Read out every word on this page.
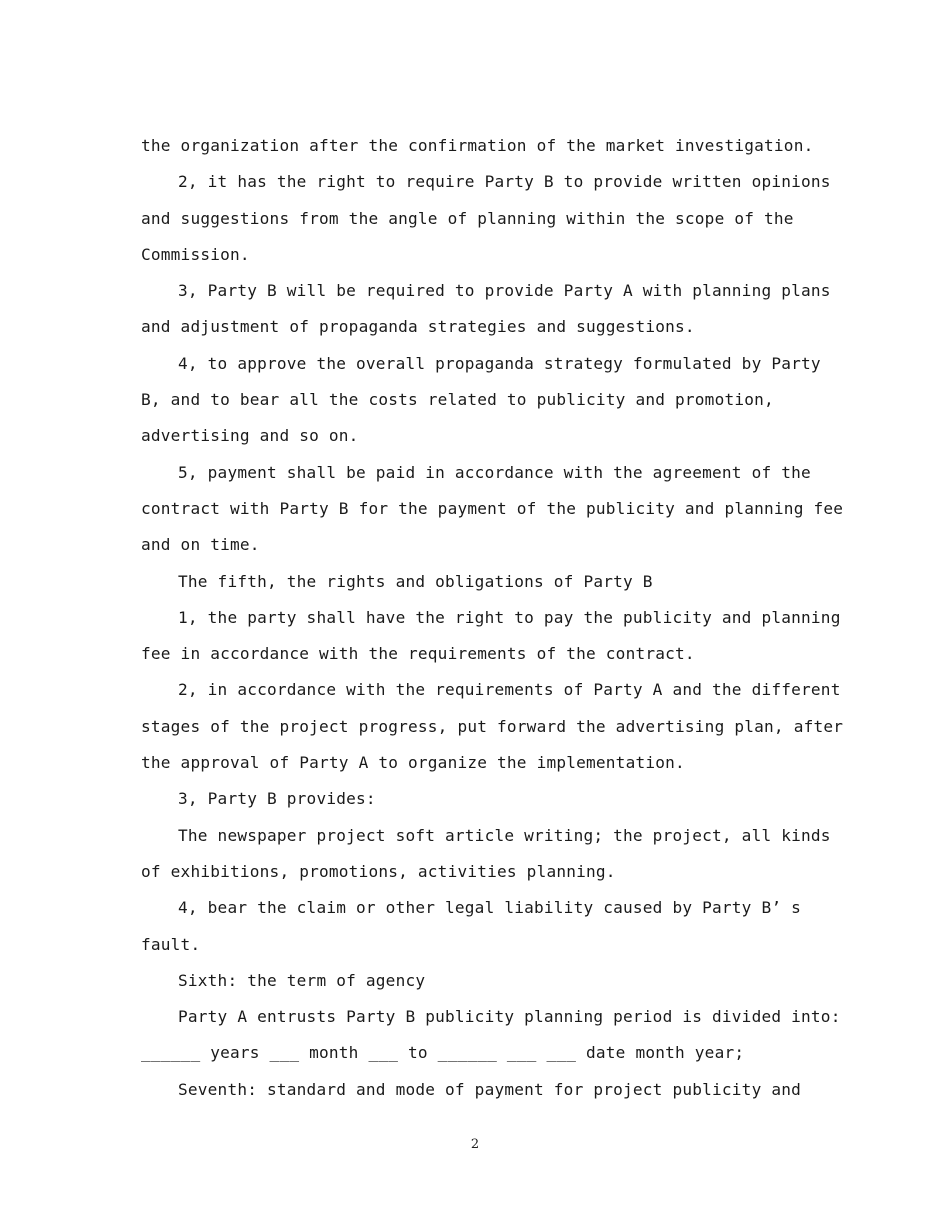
the organization after the confirmation of the market investigation.
2, it has the right to require Party B to provide written opinions
and suggestions from the angle of planning within the scope of the
Commission.
3, Party B will be required to provide Party A with planning plans
and adjustment of propaganda strategies and suggestions.
4, to approve the overall propaganda strategy formulated by Party
B, and to bear all the costs related to publicity and promotion,
advertising and so on.
5, payment shall be paid in accordance with the agreement of the
contract with Party B for the payment of the publicity and planning fee
and on time.
The fifth, the rights and obligations of Party B
1, the party shall have the right to pay the publicity and planning
fee in accordance with the requirements of the contract.
2, in accordance with the requirements of Party A and the different
stages of the project progress, put forward the advertising plan, after
the approval of Party A to organize the implementation.
3, Party B provides:
The newspaper project soft article writing; the project, all kinds
of exhibitions, promotions, activities planning.
4, bear the claim or other legal liability caused by Party B’ s
fault.
Sixth: the term of agency
Party A entrusts Party B publicity planning period is divided into:
______ years ___ month ___ to ______ ___ ___ date month year;
Seventh: standard and mode of payment for project publicity and
2
